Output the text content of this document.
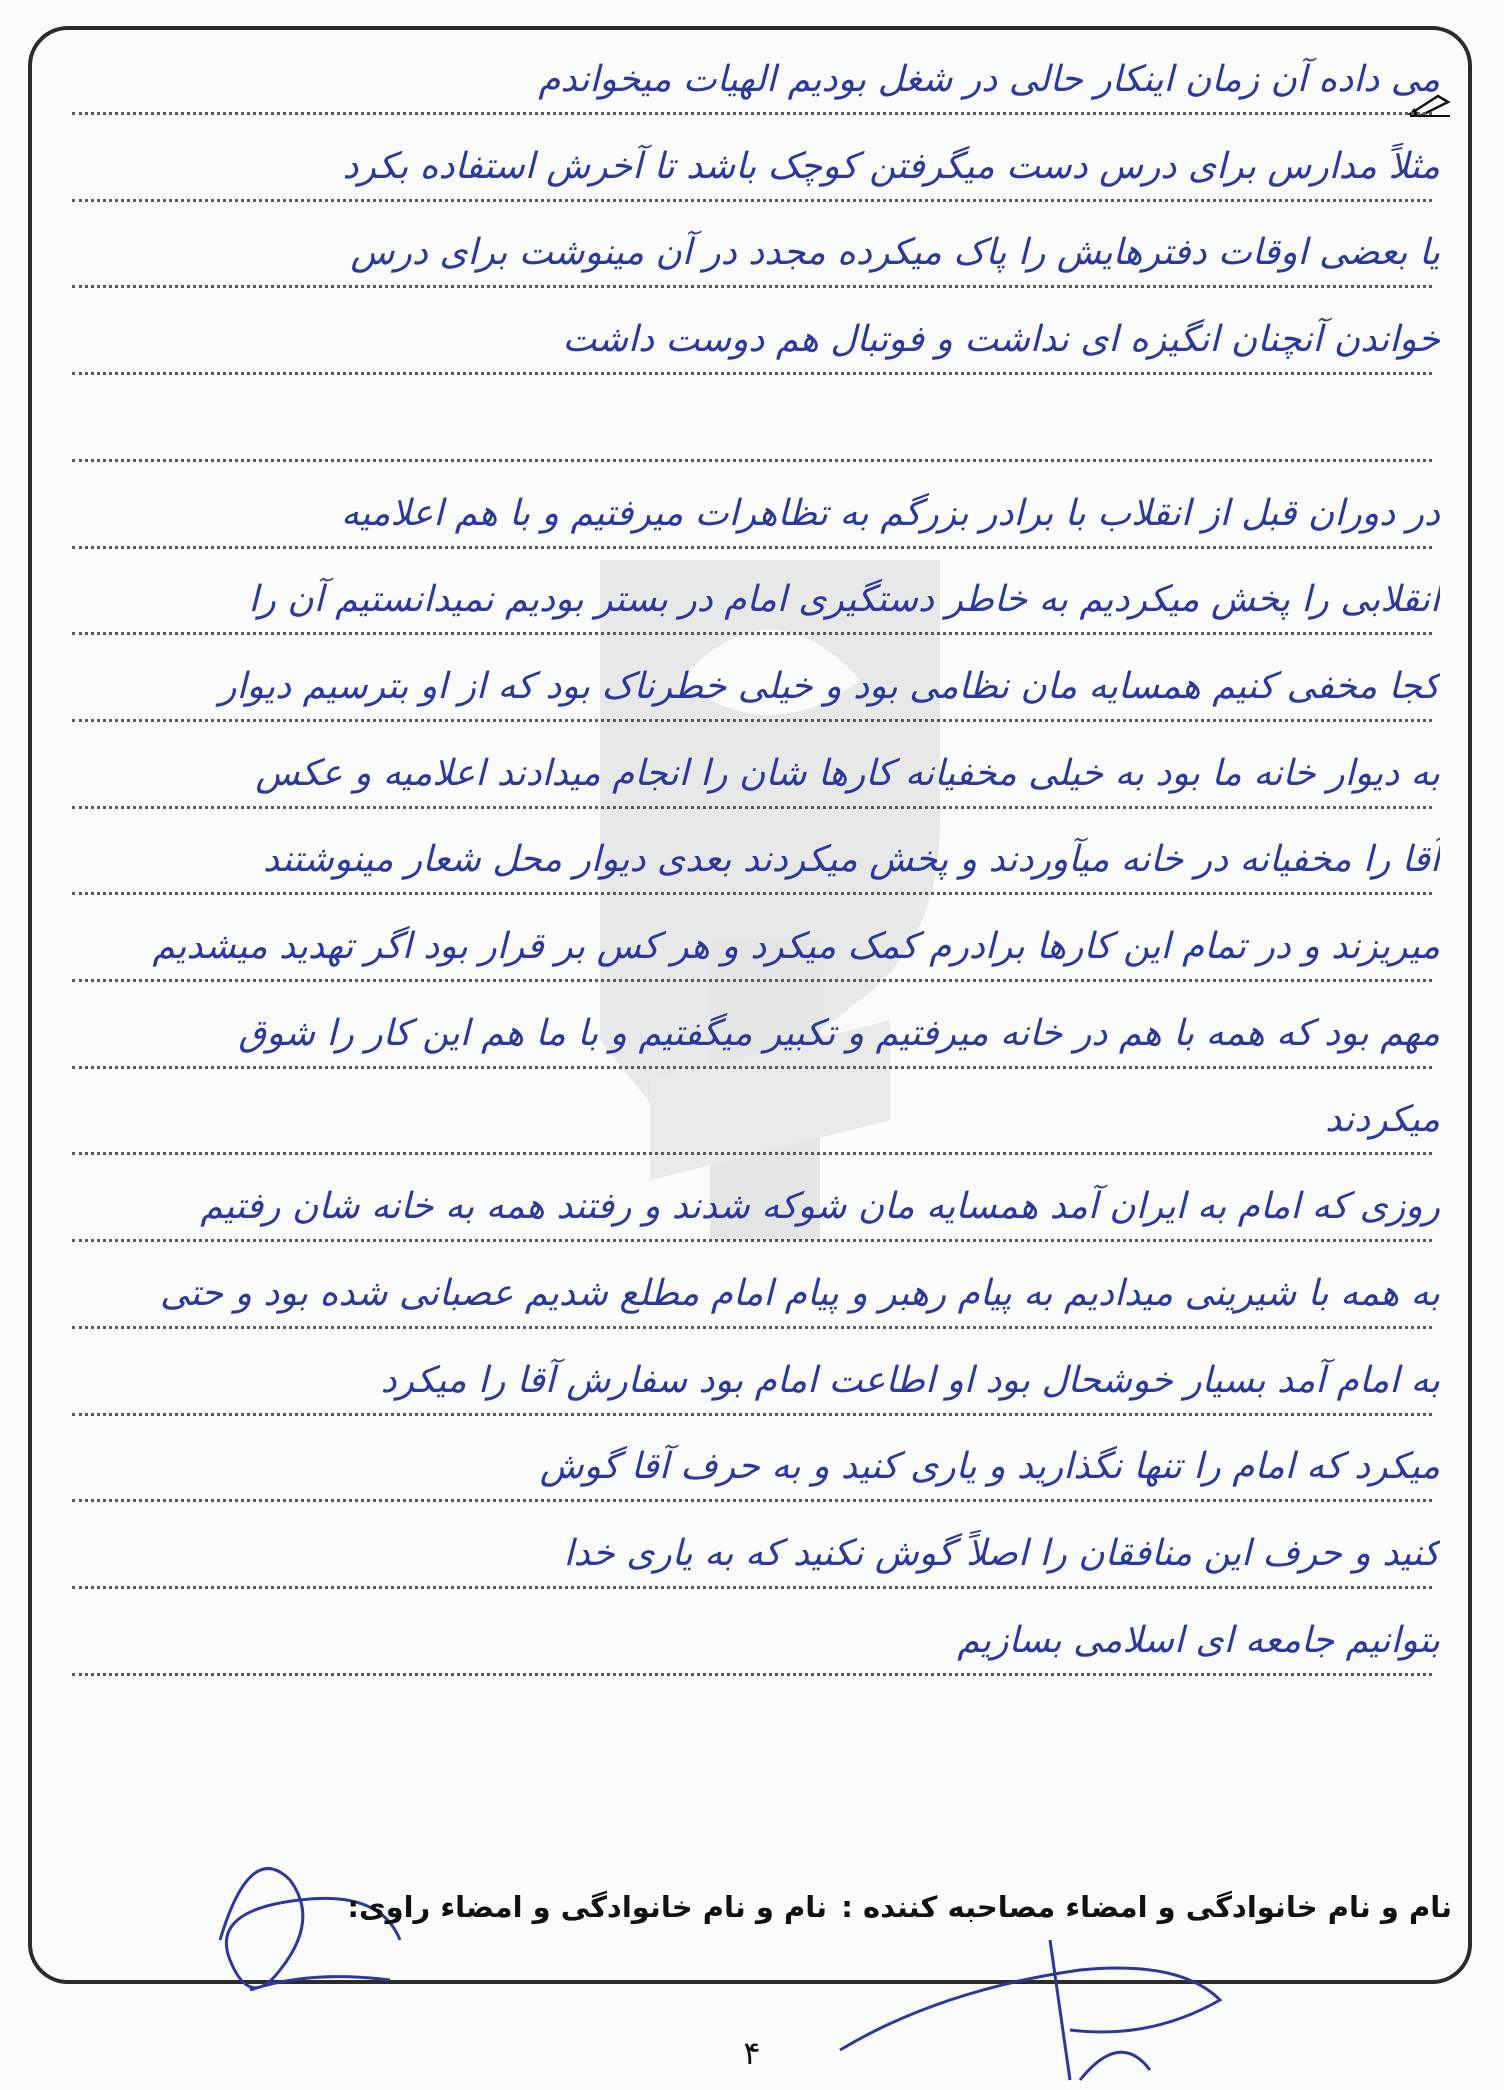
می داده آن زمان اینکار حالی در شغل بودیم الهیات میخواندم
مثلاً مدارس برای درس دست میگرفتن کوچک باشد تا آخرش استفاده بکرد
یا بعضی اوقات دفترهایش را پاک میکرده مجدد در آن مینوشت برای درس
خواندن آنچنان انگیزه ای نداشت و فوتبال هم دوست داشت
در دوران قبل از انقلاب با برادر بزرگم به تظاهرات میرفتیم و با هم اعلامیه
انقلابی را پخش میکردیم به خاطر دستگیری امام در بستر بودیم نمیدانستیم آن را
کجا مخفی کنیم همسایه مان نظامی بود و خیلی خطرناک بود که از او بترسیم دیوار
به دیوار خانه ما بود به خیلی مخفیانه کارها شان را انجام میدادند اعلامیه و عکس
آقا را مخفیانه در خانه میآوردند و پخش میکردند بعدی دیوار محل شعار مینوشتند
میریزند و در تمام این کارها برادرم کمک میکرد و هر کس بر قرار بود اگر تهدید میشدیم
مهم بود که همه با هم در خانه میرفتیم و تکبیر میگفتیم و با ما هم این کار را شوق
میکردند
روزی که امام به ایران آمد همسایه مان شوکه شدند و رفتند همه به خانه شان رفتیم
به همه با شیرینی میدادیم به پیام رهبر و پیام امام مطلع شدیم عصبانی شده بود و حتی
به امام آمد بسیار خوشحال بود او اطاعت امام بود سفارش آقا را میکرد
میکرد که امام را تنها نگذارید و یاری کنید و به حرف آقا گوش
کنید و حرف این منافقان را اصلاً گوش نکنید که به یاری خدا
بتوانیم جامعه ای اسلامی بسازیم
نام و نام خانوادگی و امضاء مصاحبه کننده :
نام و نام خانوادگی و امضاء راوی:
۴
